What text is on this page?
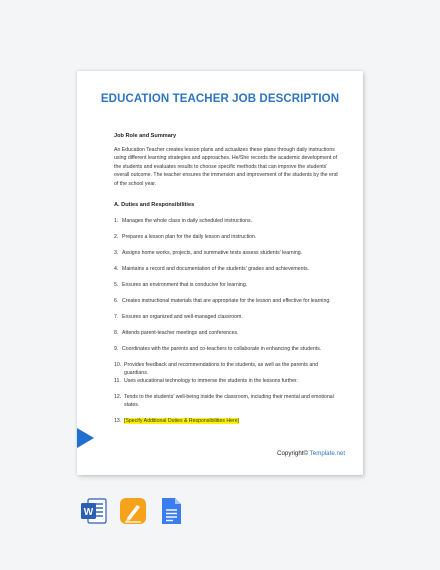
EDUCATION TEACHER JOB DESCRIPTION
Job Role and Summary
An Education Teacher creates lesson plans and actualizes these plans through daily instructions using different learning strategies and approaches. He/She records the academic development of the students and evaluates results to choose specific methods that can improve the students' overall outcome. The teacher ensures the immersion and improvement of the students by the end of the school year.
A. Duties and Responsibilities
1. Manages the whole class in daily scheduled instructions.
2. Prepares a lesson plan for the daily lesson and instruction.
3. Assigns home works, projects, and summative tests assess students' learning.
4. Maintains a record and documentation of the students' grades and achievements.
5. Ensures an environment that is conducive for learning.
6. Creates instructional materials that are appropriate for the lesson and effective for learning.
7. Ensures an organized and well-managed classroom.
8. Attends parent-teacher meetings and conferences.
9. Coordinates with the parents and co-teachers to collaborate in enhancing the students.
10. Provides feedback and recommendations to the students, as well as the parents and guardians.
11. Uses educational technology to immerse the students in the lessons further.
12. Tends to the students' well-being inside the classroom, including their mental and emotional states.
13. [Specify Additional Duties & Responsibilities Here]
Copyright© Template.net
W
